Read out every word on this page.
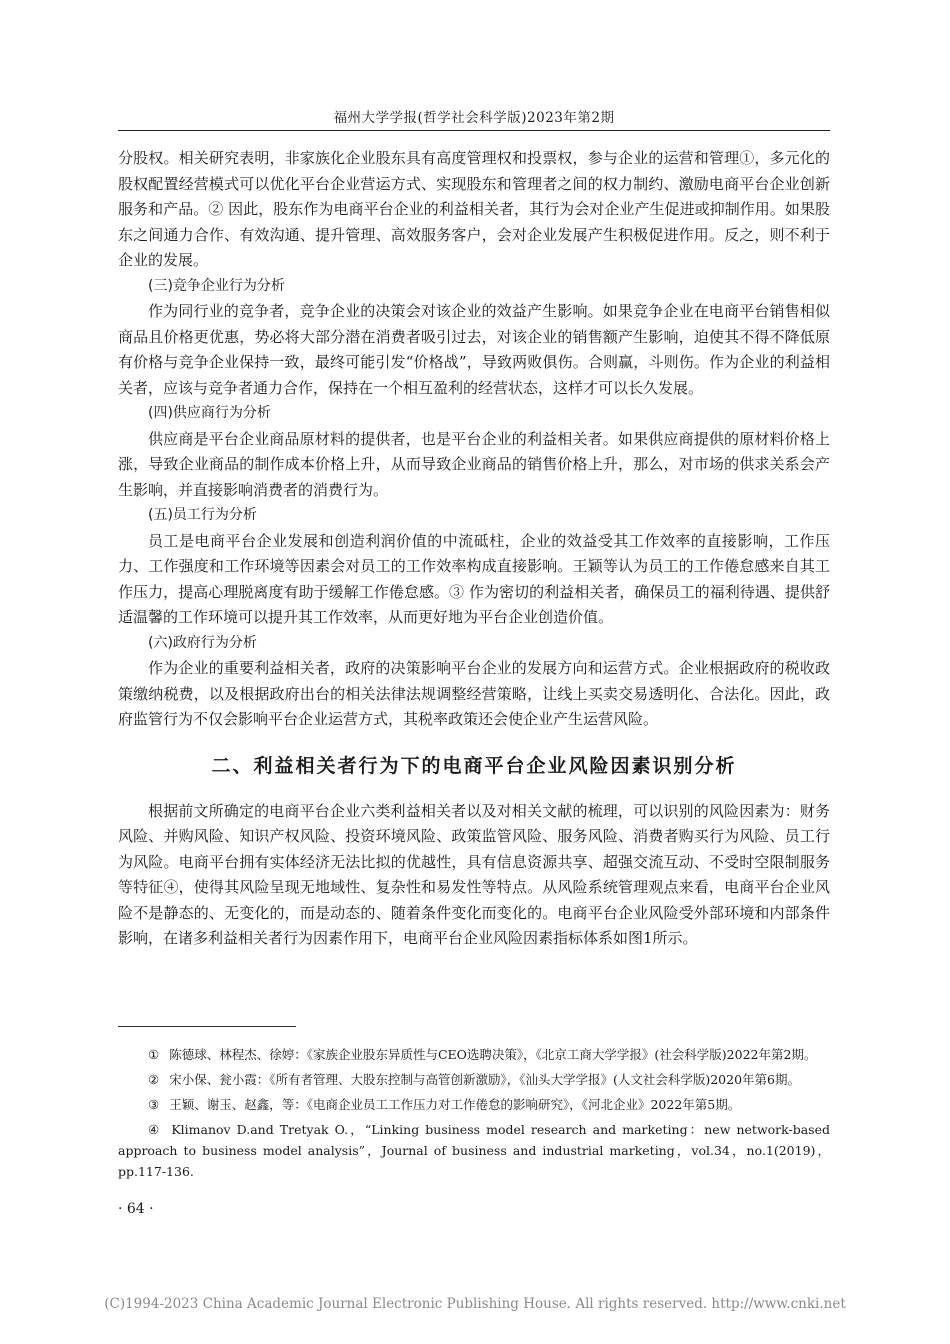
福州大学学报(哲学社会科学版)2023年第2期

分股权。相关研究表明，非家族化企业股东具有高度管理权和投票权，参与企业的运营和管理①，多元化的股权配置经营模式可以优化平台企业营运方式、实现股东和管理者之间的权力制约、激励电商平台企业创新服务和产品。② 因此，股东作为电商平台企业的利益相关者，其行为会对企业产生促进或抑制作用。如果股东之间通力合作、有效沟通、提升管理、高效服务客户，会对企业发展产生积极促进作用。反之，则不利于企业的发展。

(三)竞争企业行为分析

作为同行业的竞争者，竞争企业的决策会对该企业的效益产生影响。如果竞争企业在电商平台销售相似商品且价格更优惠，势必将大部分潜在消费者吸引过去，对该企业的销售额产生影响，迫使其不得不降低原有价格与竞争企业保持一致，最终可能引发“价格战”，导致两败俱伤。合则赢，斗则伤。作为企业的利益相关者，应该与竞争者通力合作，保持在一个相互盈利的经营状态，这样才可以长久发展。

(四)供应商行为分析

供应商是平台企业商品原材料的提供者，也是平台企业的利益相关者。如果供应商提供的原材料价格上涨，导致企业商品的制作成本价格上升，从而导致企业商品的销售价格上升，那么，对市场的供求关系会产生影响，并直接影响消费者的消费行为。

(五)员工行为分析

员工是电商平台企业发展和创造利润价值的中流砥柱，企业的效益受其工作效率的直接影响，工作压力、工作强度和工作环境等因素会对员工的工作效率构成直接影响。王颖等认为员工的工作倦怠感来自其工作压力，提高心理脱离度有助于缓解工作倦怠感。③ 作为密切的利益相关者，确保员工的福利待遇、提供舒适温馨的工作环境可以提升其工作效率，从而更好地为平台企业创造价值。

(六)政府行为分析

作为企业的重要利益相关者，政府的决策影响平台企业的发展方向和运营方式。企业根据政府的税收政策缴纳税费，以及根据政府出台的相关法律法规调整经营策略，让线上买卖交易透明化、合法化。因此，政府监管行为不仅会影响平台企业运营方式，其税率政策还会使企业产生运营风险。

二、利益相关者行为下的电商平台企业风险因素识别分析

根据前文所确定的电商平台企业六类利益相关者以及对相关文献的梳理，可以识别的风险因素为：财务风险、并购风险、知识产权风险、投资环境风险、政策监管风险、服务风险、消费者购买行为风险、员工行为风险。电商平台拥有实体经济无法比拟的优越性，具有信息资源共享、超强交流互动、不受时空限制服务等特征④，使得其风险呈现无地域性、复杂性和易发性等特点。从风险系统管理观点来看，电商平台企业风险不是静态的、无变化的，而是动态的、随着条件变化而变化的。电商平台企业风险受外部环境和内部条件影响，在诸多利益相关者行为因素作用下，电商平台企业风险因素指标体系如图1所示。

① 陈德球、林程杰、徐婷：《家族企业股东异质性与CEO选聘决策》，《北京工商大学学报》(社会科学版)2022年第2期。

② 宋小保、瓮小霞：《所有者管理、大股东控制与高管创新激励》，《汕头大学学报》(人文社会科学版)2020年第6期。

③ 王颖、谢玉、赵鑫，等：《电商企业员工工作压力对工作倦怠的影响研究》，《河北企业》2022年第5期。

④ Klimanov D.and Tretyak O.，“Linking business model research and marketing：new network-based approach to business model analysis”，Journal of business and industrial marketing，vol.34，no.1(2019)，pp.117-136.

· 64 ·
(C)1994-2023 China Academic Journal Electronic Publishing House. All rights reserved. http://www.cnki.net
